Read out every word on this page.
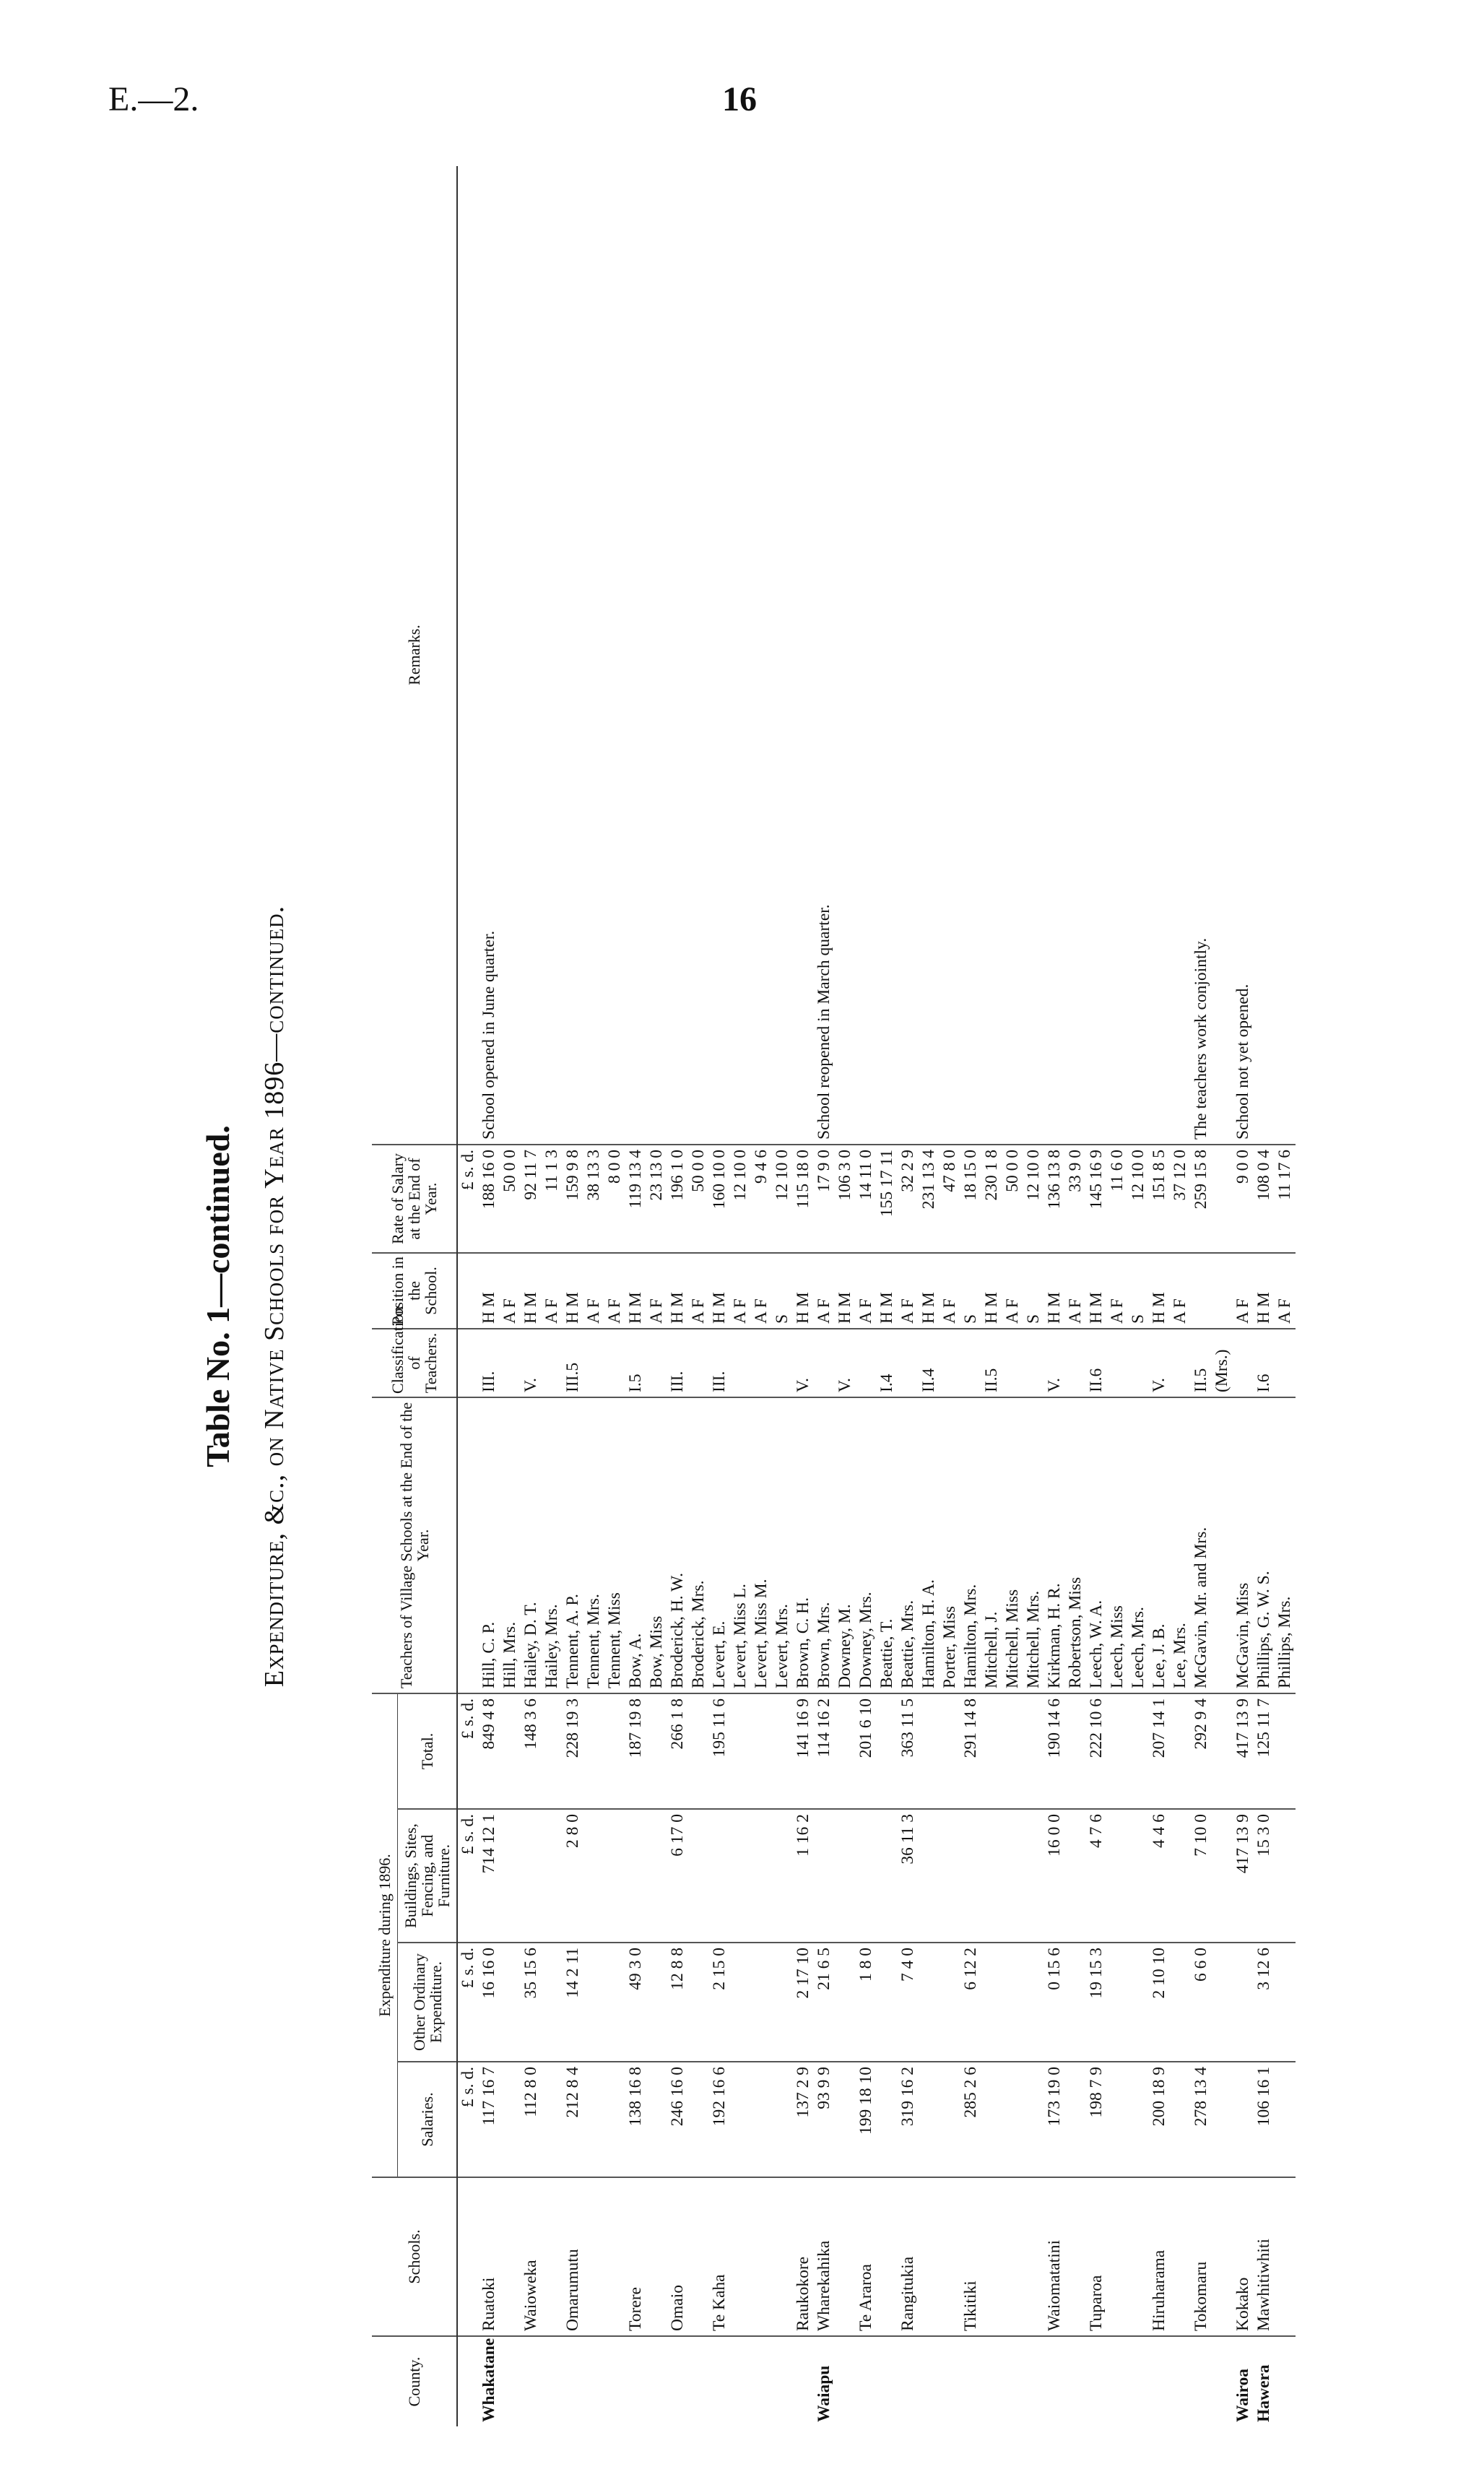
E.—2.	16
Table No. 1—continued. Expenditure, &c., on Native Schools for Year 1896—continued.
County.	Schools.	Expenditure during 1896.				Teachers of Village Schools at the End of the Year.	Classification of Teachers.	Position in the School.	Rate of Salary at the End of Year.	Remarks.
		Salaries.	Other Ordinary Expenditure.	Buildings, Sites, Fencing, and Furniture.	Total.					
		£ s. d.	£ s. d.	£ s. d.	£ s. d.				£ s. d.	
Whakatane	Ruatoki	117 16 7	16 16 0	714 12 1	849 4 8	Hill, C. P.	III.	H M	188 16 0	School opened in June quarter.
						Hill, Mrs.		A F	50 0 0	
	Waioweka	112 8 0	35 15 6		148 3 6	Hailey, D. T.	V.	H M	92 11 7	
						Hailey, Mrs.		A F	11 1 3	
	Omarumutu	212 8 4	14 2 11	2 8 0	228 19 3	Tennent, A. P.	III.5	H M	159 9 8	
						Tennent, Mrs.		A F	38 13 3	
						Tennent, Miss		A F	8 0 0	
	Torere	138 16 8	49 3 0		187 19 8	Bow, A.	I.5	H M	119 13 4	
						Bow, Miss		A F	23 13 0	
	Omaio	246 16 0	12 8 8	6 17 0	266 1 8	Broderick, H. W.	III.	H M	196 1 0	
						Broderick, Mrs.		A F	50 0 0	
	Te Kaha	192 16 6	2 15 0		195 11 6	Levert, E.	III.	H M	160 10 0	
						Levert, Miss L.		A F	12 10 0	
						Levert, Miss M.		A F	9 4 6	
						Levert, Mrs.		S	12 10 0	
	Raukokore	137 2 9	2 17 10	1 16 2	141 16 9	Brown, C. H.	V.	H M	115 18 0	
Waiapu	Wharekahika	93 9 9	21 6 5		114 16 2	Brown, Mrs.		A F	17 9 0	School reopened in March quarter.
						Downey, M.	V.	H M	106 3 0	
	Te Araroa	199 18 10	1 8 0		201 6 10	Downey, Mrs.		A F	14 11 0	
						Beattie, T.	I.4	H M	155 17 11	
	Rangitukia	319 16 2	7 4 0	36 11 3	363 11 5	Beattie, Mrs.		A F	32 2 9	
						Hamilton, H. A.	II.4	H M	231 13 4	
						Porter, Miss		A F	47 8 0	
	Tikitiki	285 2 6	6 12 2		291 14 8	Hamilton, Mrs.		S	18 15 0	
						Mitchell, J.	II.5	H M	230 1 8	
						Mitchell, Miss		A F	50 0 0	
						Mitchell, Mrs.		S	12 10 0	
	Waiomatatini	173 19 0	0 15 6	16 0 0	190 14 6	Kirkman, H. R.	V.	H M	136 13 8	
						Robertson, Miss		A F	33 9 0	
	Tuparoa	198 7 9	19 15 3	4 7 6	222 10 6	Leech, W. A.	II.6	H M	145 16 9	
						Leech, Miss		A F	11 6 0	
						Leech, Mrs.		S	12 10 0	
	Hiruharama	200 18 9	2 10 10	4 4 6	207 14 1	Lee, J. B.	V.	H M	151 8 5	
						Lee, Mrs.		A F	37 12 0	
	Tokomaru	278 13 4	6 6 0	7 10 0	292 9 4	McGavin, Mr. and Mrs.	II.5		259 15 8	The teachers work conjointly.
							(Mrs.)			
Wairoa	Kokako			417 13 9	417 13 9	McGavin, Miss		A F	9 0 0	School not yet opened.
Hawera	Mawhitiwhiti	106 16 1	3 12 6	15 3 0	125 11 7	Phillips, G. W. S.	I.6	H M	108 0 4	
						Phillips, Mrs.		A F	11 17 6	
